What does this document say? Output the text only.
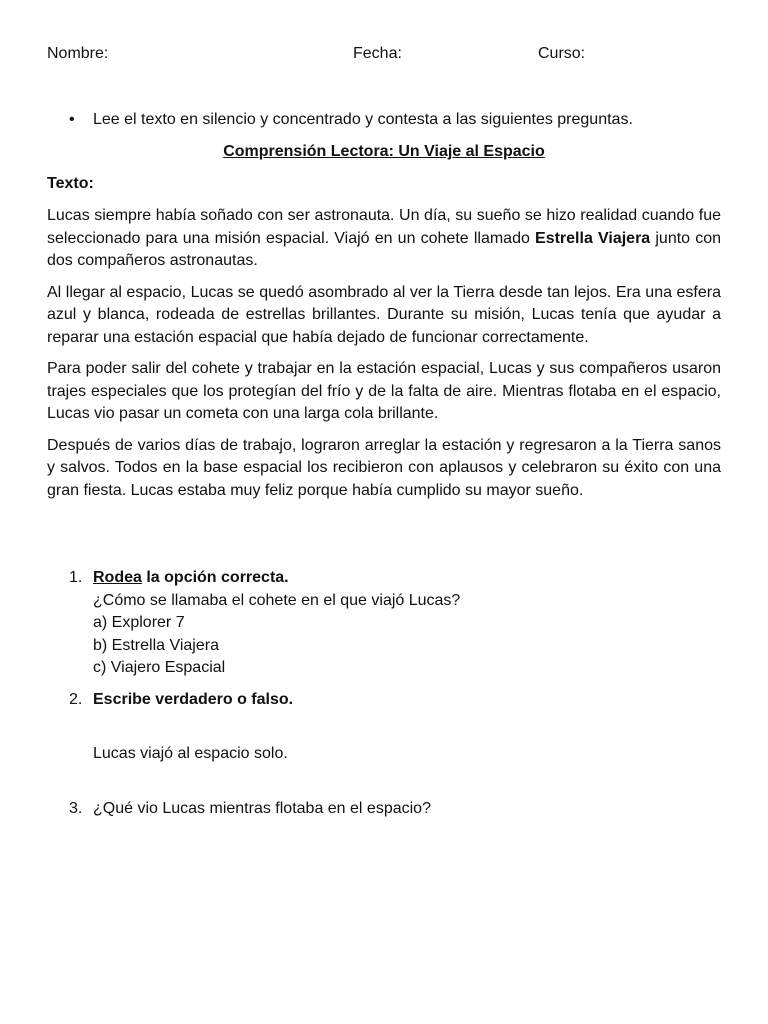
Nombre:	Fecha:	Curso:
• Lee el texto en silencio y concentrado y contesta a las siguientes preguntas.
Comprensión Lectora: Un Viaje al Espacio
Texto:

Lucas siempre había soñado con ser astronauta. Un día, su sueño se hizo realidad cuando fue seleccionado para una misión espacial. Viajó en un cohete llamado Estrella Viajera junto con dos compañeros astronautas.

Al llegar al espacio, Lucas se quedó asombrado al ver la Tierra desde tan lejos. Era una esfera azul y blanca, rodeada de estrellas brillantes. Durante su misión, Lucas tenía que ayudar a reparar una estación espacial que había dejado de funcionar correctamente.

Para poder salir del cohete y trabajar en la estación espacial, Lucas y sus compañeros usaron trajes especiales que los protegían del frío y de la falta de aire. Mientras flotaba en el espacio, Lucas vio pasar un cometa con una larga cola brillante.

Después de varios días de trabajo, lograron arreglar la estación y regresaron a la Tierra sanos y salvos. Todos en la base espacial los recibieron con aplausos y celebraron su éxito con una gran fiesta. Lucas estaba muy feliz porque había cumplido su mayor sueño.

1. Rodea la opción correcta.
¿Cómo se llamaba el cohete en el que viajó Lucas?
a) Explorer 7
b) Estrella Viajera
c) Viajero Espacial
2. Escribe verdadero o falso.
Lucas viajó al espacio solo.
3. ¿Qué vio Lucas mientras flotaba en el espacio?
